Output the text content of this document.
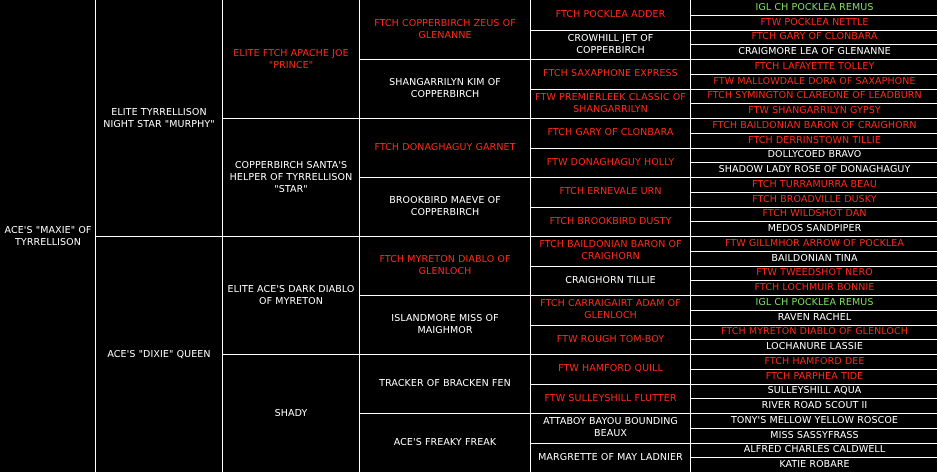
ACE'S "MAXIE" OF TYRRELLISON
ELITE TYRRELLISON NIGHT STAR "MURPHY"
ACE'S "DIXIE" QUEEN
ELITE FTCH APACHE JOE "PRINCE"
COPPERBIRCH SANTA'S HELPER OF TYRRELLISON "STAR"
ELITE ACE'S DARK DIABLO OF MYRETON
SHADY
FTCH COPPERBIRCH ZEUS OF GLENANNE
SHANGARRILYN KIM OF COPPERBIRCH
FTCH DONAGHAGUY GARNET
BROOKBIRD MAEVE OF COPPERBIRCH
FTCH MYRETON DIABLO OF GLENLOCH
ISLANDMORE MISS OF MAIGHMOR
TRACKER OF BRACKEN FEN
ACE'S FREAKY FREAK
FTCH POCKLEA ADDER
CROWHILL JET OF COPPERBIRCH
FTCH SAXAPHONE EXPRESS
FTW PREMIERLEEK CLASSIC OF SHANGARRILYN
FTCH GARY OF CLONBARA
FTW DONAGHAGUY HOLLY
FTCH ERNEVALE URN
FTCH BROOKBIRD DUSTY
FTCH BAILDONIAN BARON OF CRAIGHORN
CRAIGHORN TILLIE
FTCH CARRAIGAIRT ADAM OF GLENLOCH
FTW ROUGH TOM-BOY
FTW HAMFORD QUILL
FTW SULLEYSHILL FLUTTER
ATTABOY BAYOU BOUNDING BEAUX
MARGRETTE OF MAY LADNIER
IGL CH POCKLEA REMUS
FTW POCKLEA NETTLE
FTCH GARY OF CLONBARA
CRAIGMORE LEA OF GLENANNE
FTCH LAFAYETTE TOLLEY
FTW MALLOWDALE DORA OF SAXAPHONE
FTCH SYMINGTON CLAREONE OF LEADBURN
FTW SHANGARRILYN GYPSY
FTCH BAILDONIAN BARON OF CRAIGHORN
FTCH DERRINSTOWN TILLIE
DOLLYCOED BRAVO
SHADOW LADY ROSE OF DONAGHAGUY
FTCH TURRAMURRA BEAU
FTCH BROADVILLE DUSKY
FTCH WILDSHOT DAN
MEDOS SANDPIPER
FTW GILLMHOR ARROW OF POCKLEA
BAILDONIAN TINA
FTW TWEEDSHOT NERO
FTCH LOCHMUIR BONNIE
IGL CH POCKLEA REMUS
RAVEN RACHEL
FTCH MYRETON DIABLO OF GLENLOCH
LOCHANURE LASSIE
FTCH HAMFORD DEE
FTCH PARPHEA TIDE
SULLEYSHILL AQUA
RIVER ROAD SCOUT II
TONY'S MELLOW YELLOW ROSCOE
MISS SASSYFRASS
ALFRED CHARLES CALDWELL
KATIE ROBARE
